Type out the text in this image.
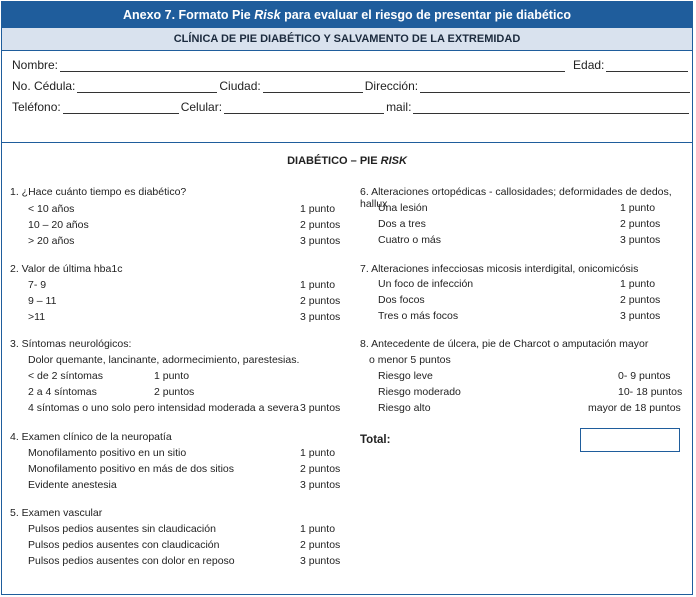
Anexo 7. Formato Pie Risk para evaluar el riesgo de presentar pie diabético
CLÍNICA DE PIE DIABÉTICO Y SALVAMENTO DE LA EXTREMIDAD
Nombre:	Edad:
No. Cédula:	Ciudad:	Dirección:
Teléfono:	Celular:	mail:
DIABÉTICO – PIE RISK
1. ¿Hace cuánto tiempo es diabético?
< 10 años	1 punto
10 – 20 años	2 puntos
> 20 años	3 puntos
2. Valor de última hba1c
7- 9	1 punto
9 – 11	2 puntos
>11	3 puntos
3. Síntomas neurológicos:
Dolor quemante, lancinante, adormecimiento, parestesias.
< de 2 síntomas	1 punto
2 a 4 síntomas	2 puntos
4 síntomas o uno solo pero intensidad moderada a severa 3 puntos
4. Examen clínico de la neuropatía
Monofilamento positivo en un sitio	1 punto
Monofilamento positivo en más de dos sitios	2 puntos
Evidente anestesia	3 puntos
5. Examen vascular
Pulsos pedios ausentes sin claudicación	1 punto
Pulsos pedios ausentes con claudicación	2 puntos
Pulsos pedios ausentes con dolor en reposo	3 puntos
6. Alteraciones ortopédicas - callosidades; deformidades de dedos, hallux
Una lesión	1 punto
Dos a tres	2 puntos
Cuatro o más	3 puntos
7. Alteraciones infecciosas micosis interdigital, onicomicósis
Un foco de infección	1 punto
Dos focos	2 puntos
Tres o más focos	3 puntos
8. Antecedente de úlcera, pie de Charcot o amputación mayor
o menor 5 puntos
Riesgo leve	0- 9 puntos
Riesgo moderado	10- 18 puntos
Riesgo alto	mayor de 18 puntos
Total:
